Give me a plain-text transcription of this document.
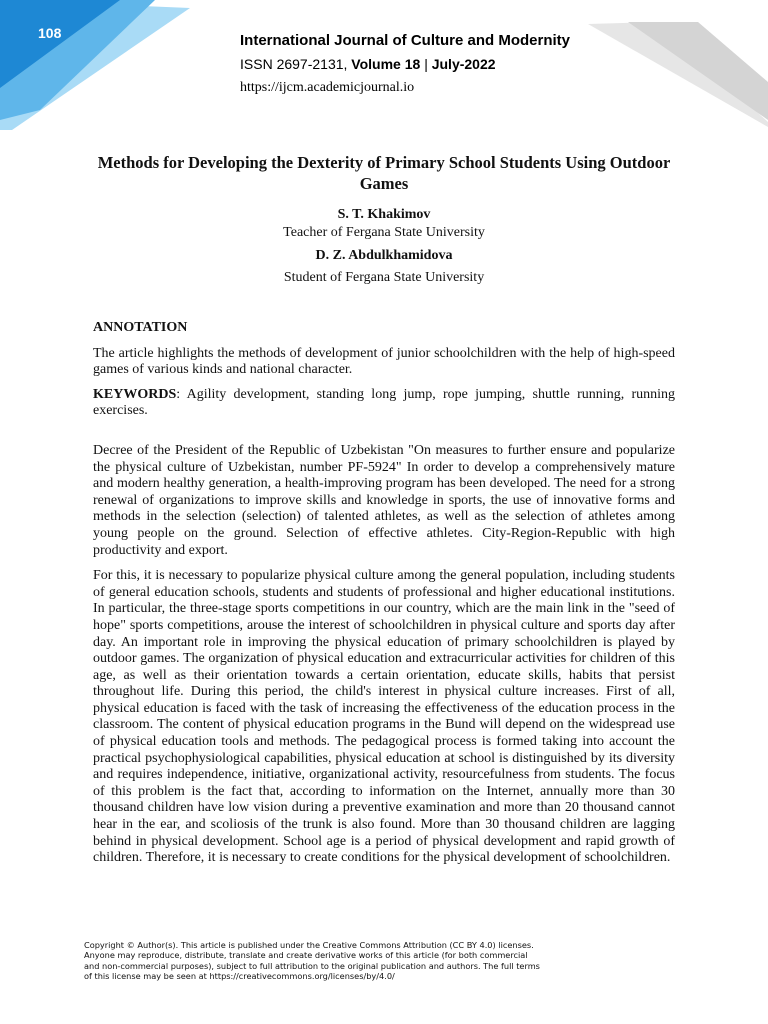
108	International Journal of Culture and Modernity
ISSN 2697-2131, Volume 18 | July-2022
https://ijcm.academicjournal.io
Methods for Developing the Dexterity of Primary School Students Using Outdoor Games
S. T. Khakimov
Teacher of Fergana State University
D. Z. Abdulkhamidova
Student of Fergana State University
ANNOTATION

The article highlights the methods of development of junior schoolchildren with the help of high-speed games of various kinds and national character.

KEYWORDS: Agility development, standing long jump, rope jumping, shuttle running, running exercises.

Decree of the President of the Republic of Uzbekistan "On measures to further ensure and popularize the physical culture of Uzbekistan, number PF-5924" In order to develop a comprehensively mature and modern healthy generation, a health-improving program has been developed. The need for a strong renewal of organizations to improve skills and knowledge in sports, the use of innovative forms and methods in the selection (selection) of talented athletes, as well as the selection of athletes among young people on the ground. Selection of effective athletes. City-Region-Republic with high productivity and export.

For this, it is necessary to popularize physical culture among the general population, including students of general education schools, students and students of professional and higher educational institutions. In particular, the three-stage sports competitions in our country, which are the main link in the "seed of hope" sports competitions, arouse the interest of schoolchildren in physical culture and sports day after day. An important role in improving the physical education of primary schoolchildren is played by outdoor games. The organization of physical education and extracurricular activities for children of this age, as well as their orientation towards a certain orientation, educate skills, habits that persist throughout life. During this period, the child's interest in physical culture increases. First of all, physical education is faced with the task of increasing the effectiveness of the education process in the classroom. The content of physical education programs in the Bund will depend on the widespread use of physical education tools and methods. The pedagogical process is formed taking into account the practical psychophysiological capabilities, physical education at school is distinguished by its diversity and requires independence, initiative, organizational activity, resourcefulness from students. The focus of this problem is the fact that, according to information on the Internet, annually more than 30 thousand children have low vision during a preventive examination and more than 20 thousand cannot hear in the ear, and scoliosis of the trunk is also found. More than 30 thousand children are lagging behind in physical development. School age is a period of physical development and rapid growth of children. Therefore, it is necessary to create conditions for the physical development of schoolchildren.

Copyright © Author(s). This article is published under the Creative Commons Attribution (CC BY 4.0) licenses.
Anyone may reproduce, distribute, translate and create derivative works of this article (for both commercial
and non-commercial purposes), subject to full attribution to the original publication and authors. The full terms
of this license may be seen at https://creativecommons.org/licenses/by/4.0/
